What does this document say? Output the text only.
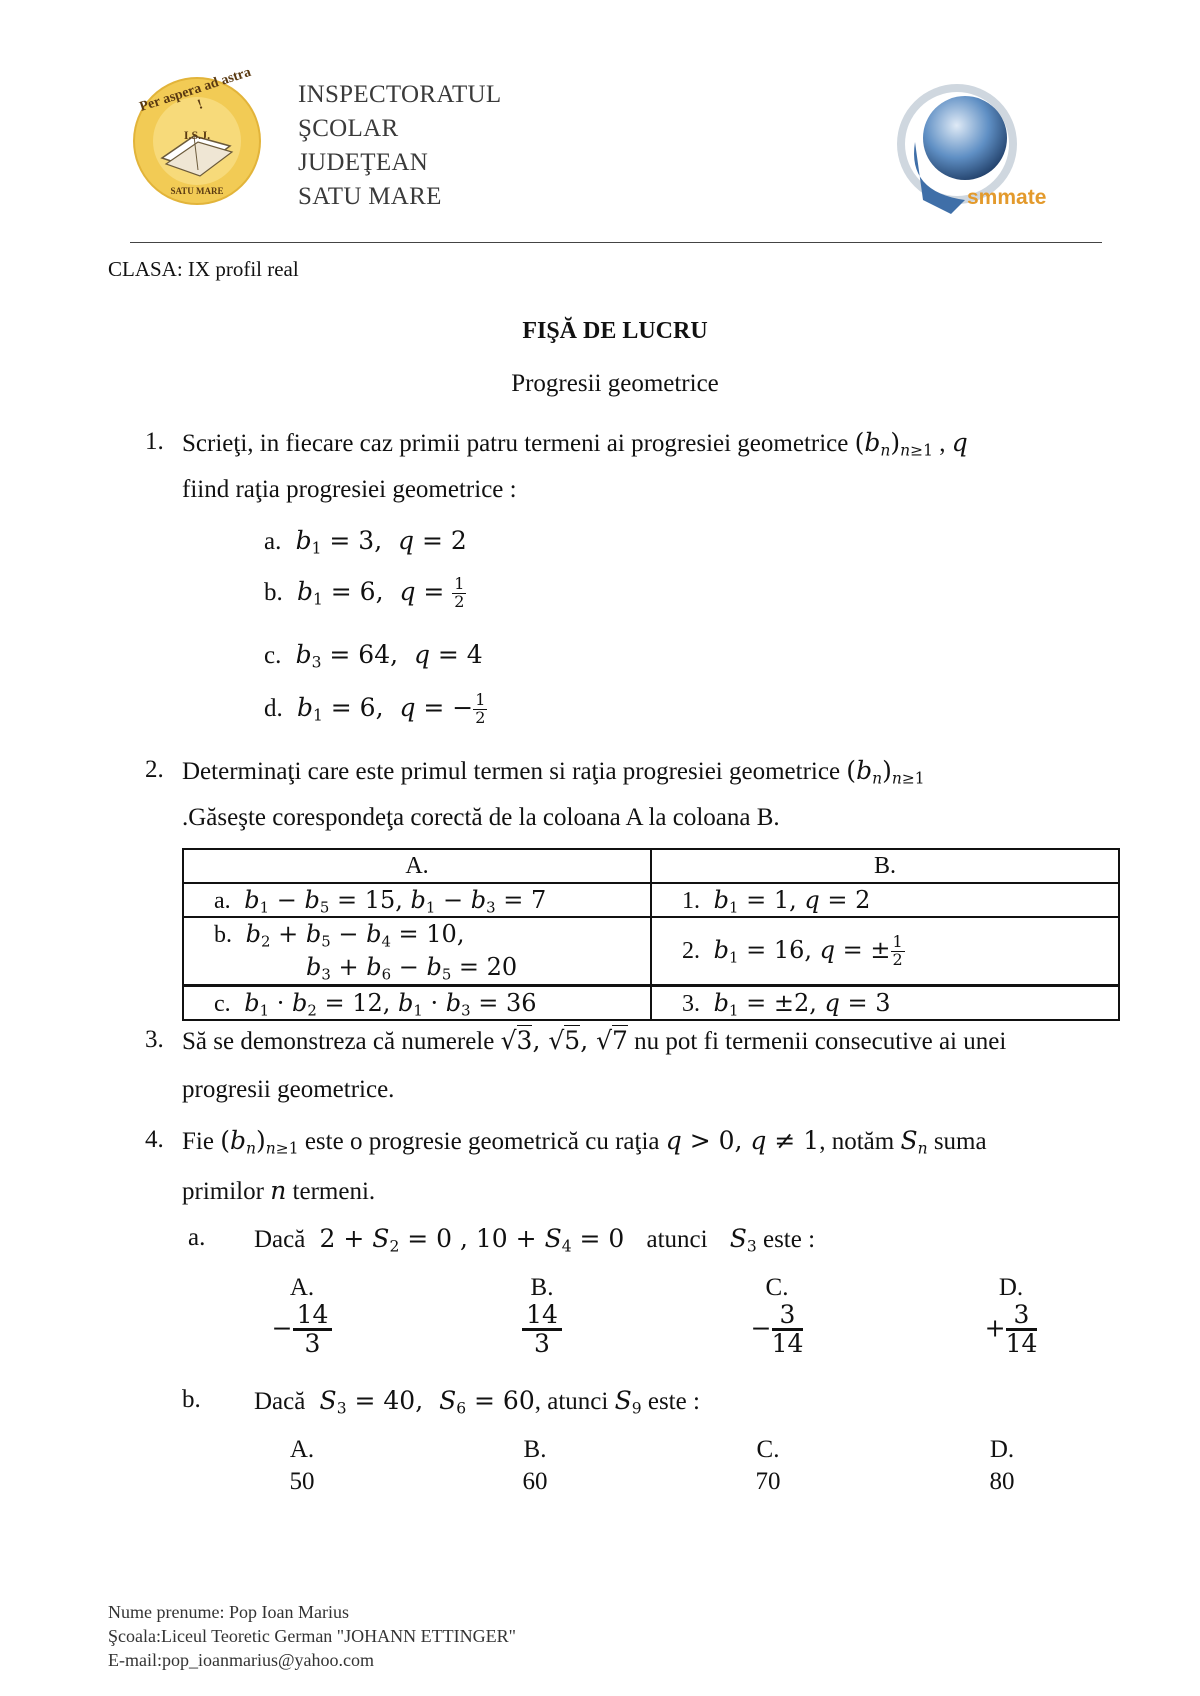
Per aspera ad astra !
I.S.J.
SATU MARE
INSPECTORATUL
ŞCOLAR
JUDEŢEAN
SATU MARE	smmate
CLASA: IX profil real
FIŞĂ DE LUCRU
Progresii geometrice
1. Scrieţi, in fiecare caz primii patru termeni ai progresiei geometrice $(b_n)_{n\ge 1}$ , q
fiind raţia progresiei geometrice :
a. $b_1 = 3$,  q = 2
b. $b_1 = 6$,  $q = \frac{1}{2}$
c. $b_3 = 64$,  q = 4
d. $b_1 = 6$,  q = − $\frac{1}{2}$
2. Determinaţi care este primul termen si raţia progresiei geometrice $(b_n)_{n\ge 1}$
.Găseşte corespondeţa corectă de la coloana A la coloana B.
A.	B.
a. $b_1 - b_5 = 15$, $b_1 - b_3 = 7$	1. $b_1 = 1$, q = 2
b. $b_2 + b_5 - b_4 = 10$,
$b_3 + b_6 - b_5 = 20$	2. $b_1 = 16$, q = ± $\frac{1}{2}$

c. $b_1 \cdot b_2 = 12$, $b_1 \cdot b_3 = 36$	3. $b_1 = \pm 2$, q = 3
3. Să se demonstreza că numerele √3, √5, √7 nu pot fi termenii consecutive ai unei
progresii geometrice.
4. Fie $(b_n)_{n\ge 1}$ este o progresie geometrică cu raţia q > 0, q ≠ 1, notăm $S_n$ suma
primilor n termeni.
a. Dacă  $2 + S_2 = 0$ , $10 + S_4 = 0$   atunci $S_3$ este :
A.
− $\frac{14}{3}$
B.
$\frac{14}{3}$
C.
− $\frac{3}{14}$
D.
+ $\frac{3}{14}$
b. Dacă $S_3 = 40$,  $S_6 = 60$, atunci $S_9$ este :
A.
50
B.
60
C.
70
D.
80
Nume prenume: Pop Ioan Marius
Şcoala:Liceul Teoretic German "JOHANN ETTINGER"
E-mail:pop_ioanmarius@yahoo.com
